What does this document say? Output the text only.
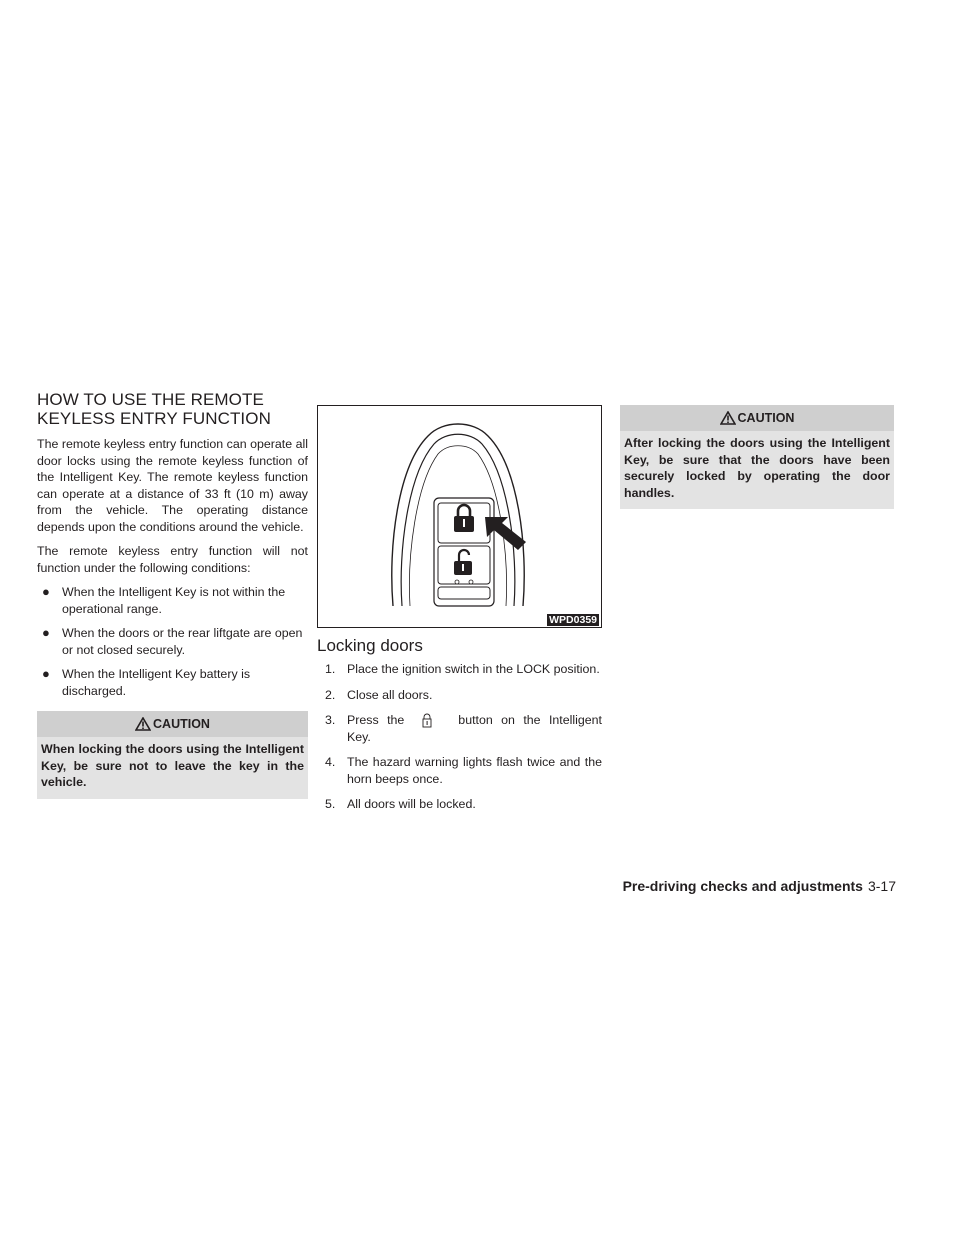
HOW TO USE THE REMOTE
KEYLESS ENTRY FUNCTION

The remote keyless entry function can operate all door locks using the remote keyless function of the Intelligent Key. The remote keyless function can operate at a distance of 33 ft (10 m) away from the vehicle. The operating distance depends upon the conditions around the vehicle.

The remote keyless entry function will not function under the following conditions:

● When the Intelligent Key is not within the operational range.
● When the doors or the rear liftgate are open or not closed securely.
● When the Intelligent Key battery is discharged.
CAUTION
When locking the doors using the Intelligent Key, be sure not to leave the key in the vehicle.
WPD0359
Locking doors
1. Place the ignition switch in the LOCK position.
2. Close all doors.
3. Press the	button on the Intelligent Key.
4. The hazard warning lights flash twice and the horn beeps once.
5. All doors will be locked.
CAUTION
After locking the doors using the Intelligent Key, be sure that the doors have been securely locked by operating the door handles.
Pre-driving checks and adjustments 3-17
